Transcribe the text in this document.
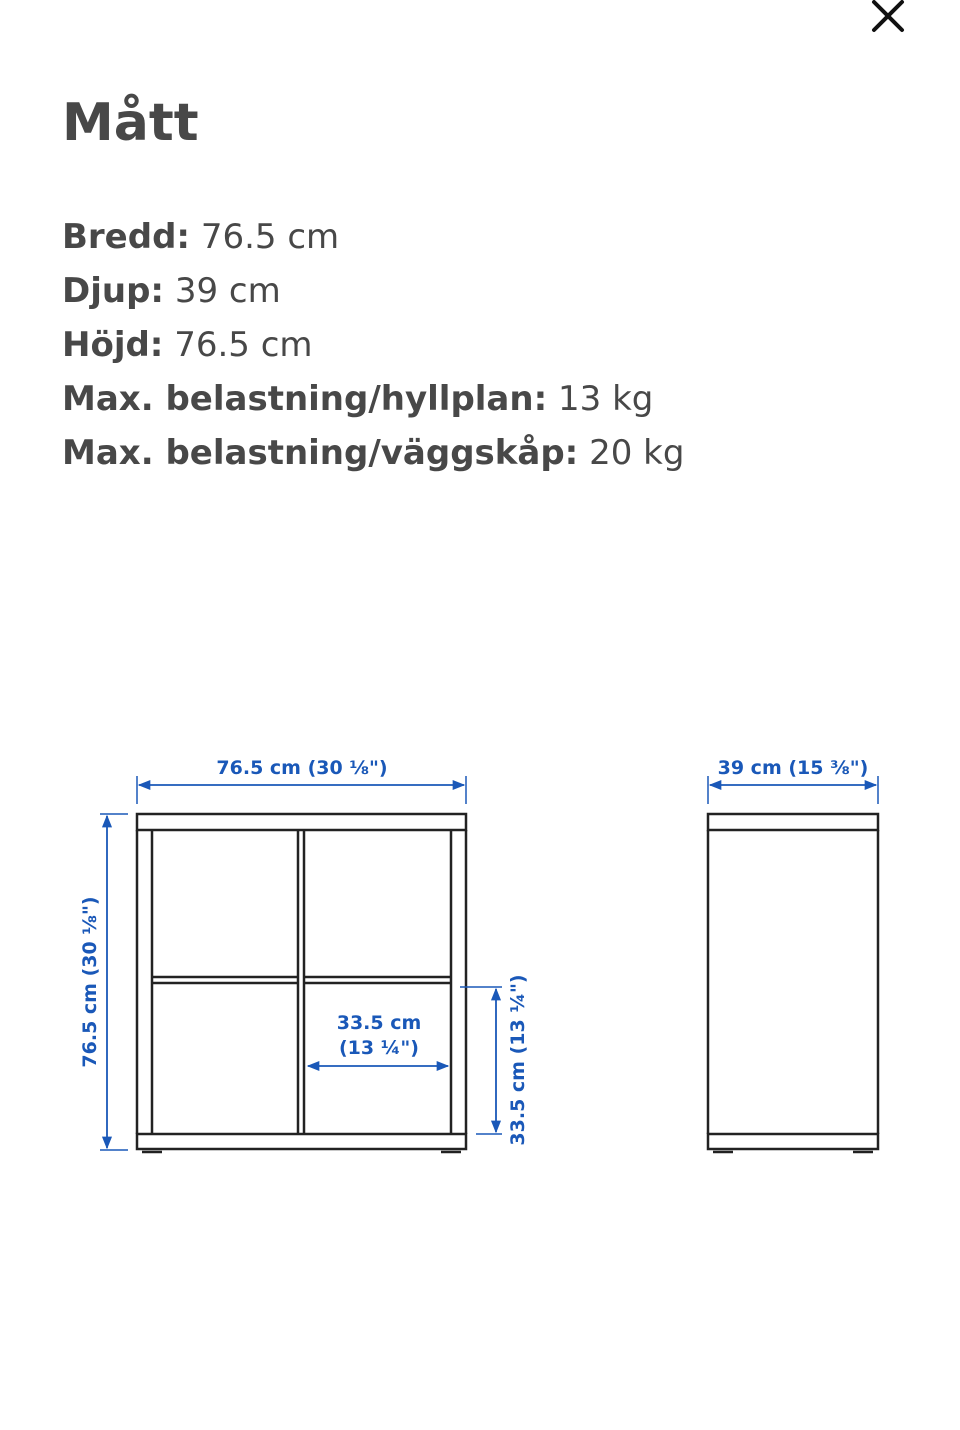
Mått
Bredd: 76.5 cm
Djup: 39 cm
Höjd: 76.5 cm
Max. belastning/hyllplan: 13 kg
Max. belastning/väggskåp: 20 kg
76.5 cm (30 ⅛")
76.5 cm (30 ⅛")	33.5 cm
(13 ¼")	33.5 cm (13 ¼")
39 cm (15 ⅜")
